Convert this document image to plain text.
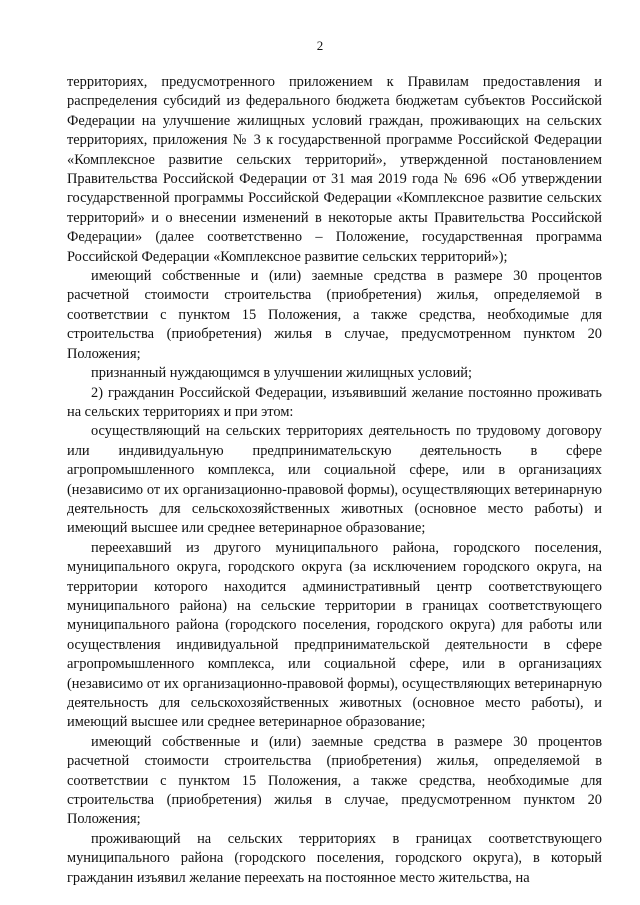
2

территориях, предусмотренного приложением к Правилам предоставления и распределения субсидий из федерального бюджета бюджетам субъектов Российской Федерации на улучшение жилищных условий граждан, проживающих на сельских территориях, приложения № 3 к государственной программе Российской Федерации «Комплексное развитие сельских территорий», утвержденной постановлением Правительства Российской Федерации от 31 мая 2019 года № 696 «Об утверждении государственной программы Российской Федерации «Комплексное развитие сельских территорий» и о внесении изменений в некоторые акты Правительства Российской Федерации» (далее соответственно – Положение, государственная программа Российской Федерации «Комплексное развитие сельских территорий»);

имеющий собственные и (или) заемные средства в размере 30 процентов расчетной стоимости строительства (приобретения) жилья, определяемой в соответствии с пунктом 15 Положения, а также средства, необходимые для строительства (приобретения) жилья в случае, предусмотренном пунктом 20 Положения;

признанный нуждающимся в улучшении жилищных условий;

2) гражданин Российской Федерации, изъявивший желание постоянно проживать на сельских территориях и при этом:

осуществляющий на сельских территориях деятельность по трудовому договору или индивидуальную предпринимательскую деятельность в сфере агропромышленного комплекса, или социальной сфере, или в организациях (независимо от их организационно-правовой формы), осуществляющих ветеринарную деятельность для сельскохозяйственных животных (основное место работы) и имеющий высшее или среднее ветеринарное образование;

переехавший из другого муниципального района, городского поселения, муниципального округа, городского округа (за исключением городского округа, на территории которого находится административный центр соответствующего муниципального района) на сельские территории в границах соответствующего муниципального района (городского поселения, городского округа) для работы или осуществления индивидуальной предпринимательской деятельности в сфере агропромышленного комплекса, или социальной сфере, или в организациях (независимо от их организационно-правовой формы), осуществляющих ветеринарную деятельность для сельскохозяйственных животных (основное место работы), и имеющий высшее или среднее ветеринарное образование;

имеющий собственные и (или) заемные средства в размере 30 процентов расчетной стоимости строительства (приобретения) жилья, определяемой в соответствии с пунктом 15 Положения, а также средства, необходимые для строительства (приобретения) жилья в случае, предусмотренном пунктом 20 Положения;

проживающий на сельских территориях в границах соответствующего муниципального района (городского поселения, городского округа), в который гражданин изъявил желание переехать на постоянное место жительства, на
